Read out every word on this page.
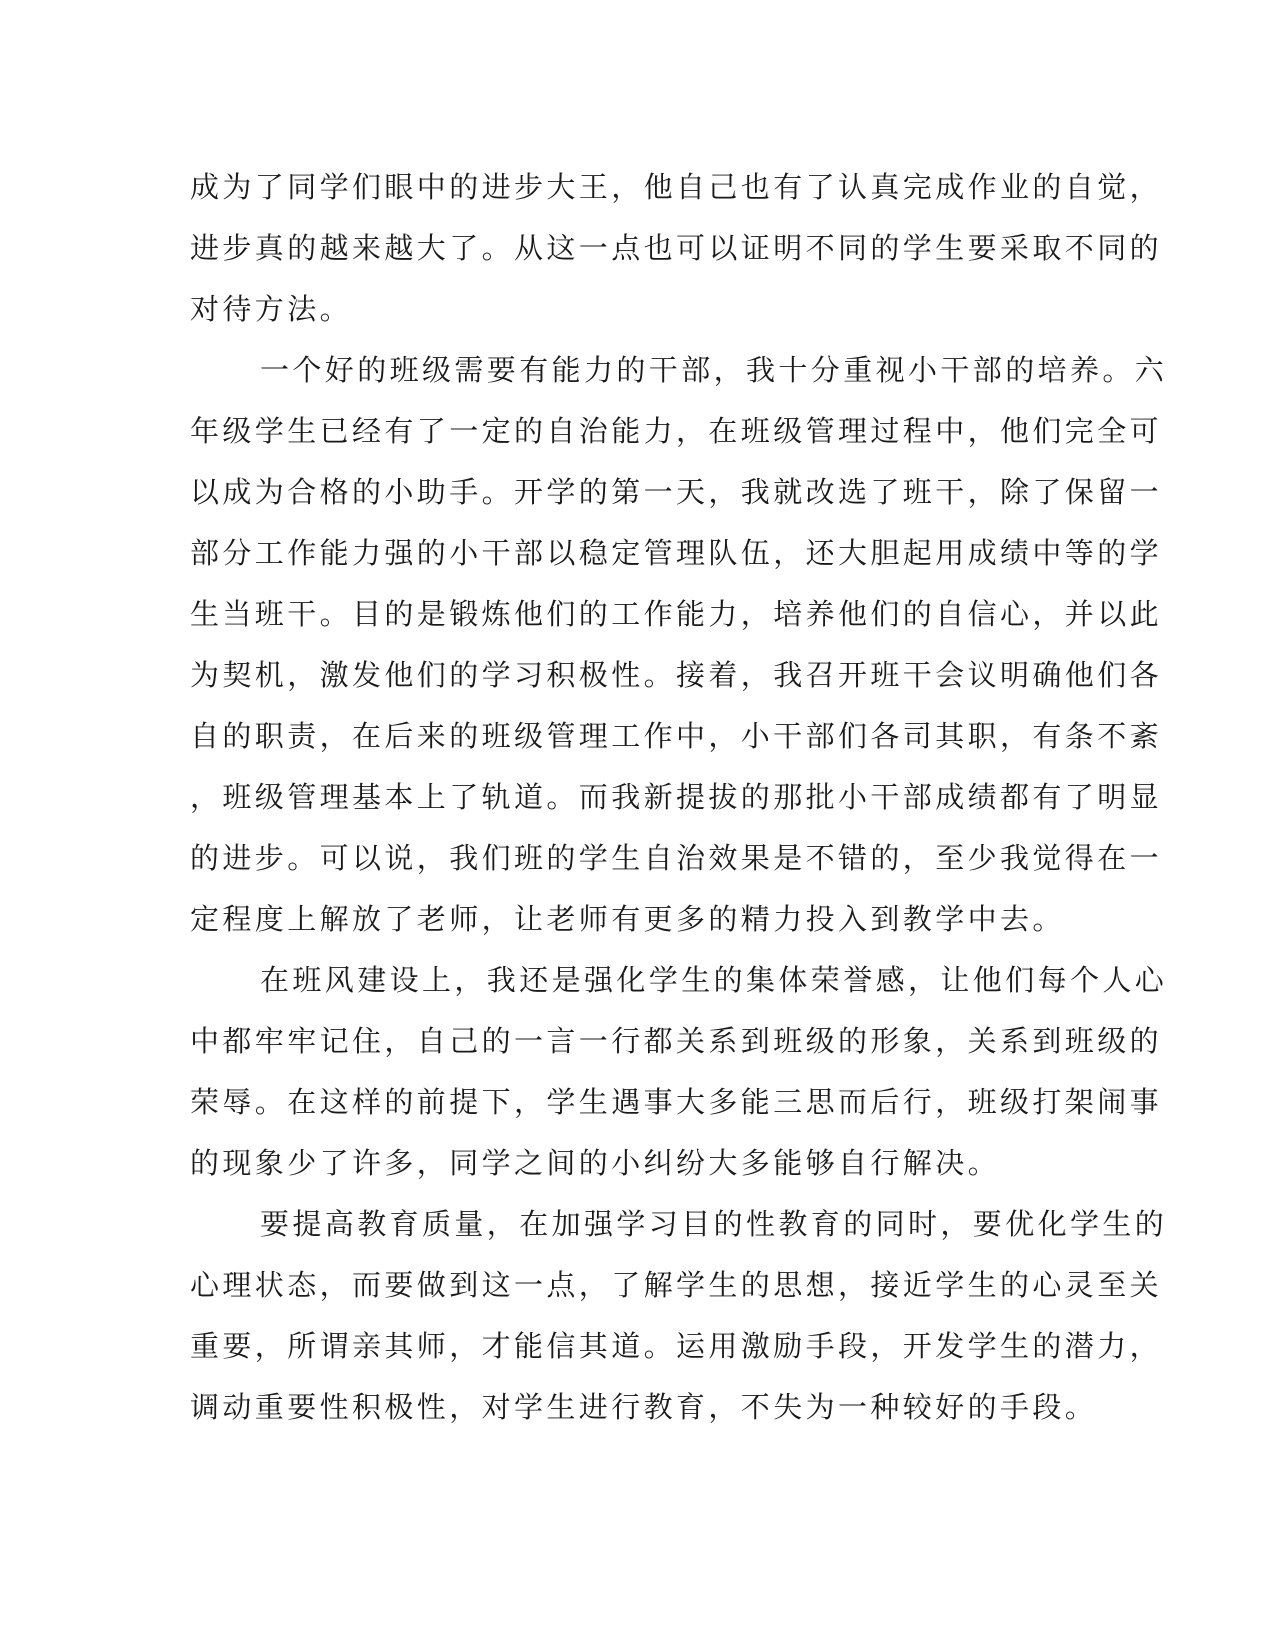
成为了同学们眼中的进步大王，他自己也有了认真完成作业的自觉，
进步真的越来越大了。从这一点也可以证明不同的学生要采取不同的
对待方法。
一个好的班级需要有能力的干部，我十分重视小干部的培养。六
年级学生已经有了一定的自治能力，在班级管理过程中，他们完全可
以成为合格的小助手。开学的第一天，我就改选了班干，除了保留一
部分工作能力强的小干部以稳定管理队伍，还大胆起用成绩中等的学
生当班干。目的是锻炼他们的工作能力，培养他们的自信心，并以此
为契机，激发他们的学习积极性。接着，我召开班干会议明确他们各
自的职责，在后来的班级管理工作中，小干部们各司其职，有条不紊
，班级管理基本上了轨道。而我新提拔的那批小干部成绩都有了明显
的进步。可以说，我们班的学生自治效果是不错的，至少我觉得在一
定程度上解放了老师，让老师有更多的精力投入到教学中去。
在班风建设上，我还是强化学生的集体荣誉感，让他们每个人心
中都牢牢记住，自己的一言一行都关系到班级的形象，关系到班级的
荣辱。在这样的前提下，学生遇事大多能三思而后行，班级打架闹事
的现象少了许多，同学之间的小纠纷大多能够自行解决。
要提高教育质量，在加强学习目的性教育的同时，要优化学生的
心理状态，而要做到这一点，了解学生的思想，接近学生的心灵至关
重要，所谓亲其师，才能信其道。运用激励手段，开发学生的潜力，
调动重要性积极性，对学生进行教育，不失为一种较好的手段。
